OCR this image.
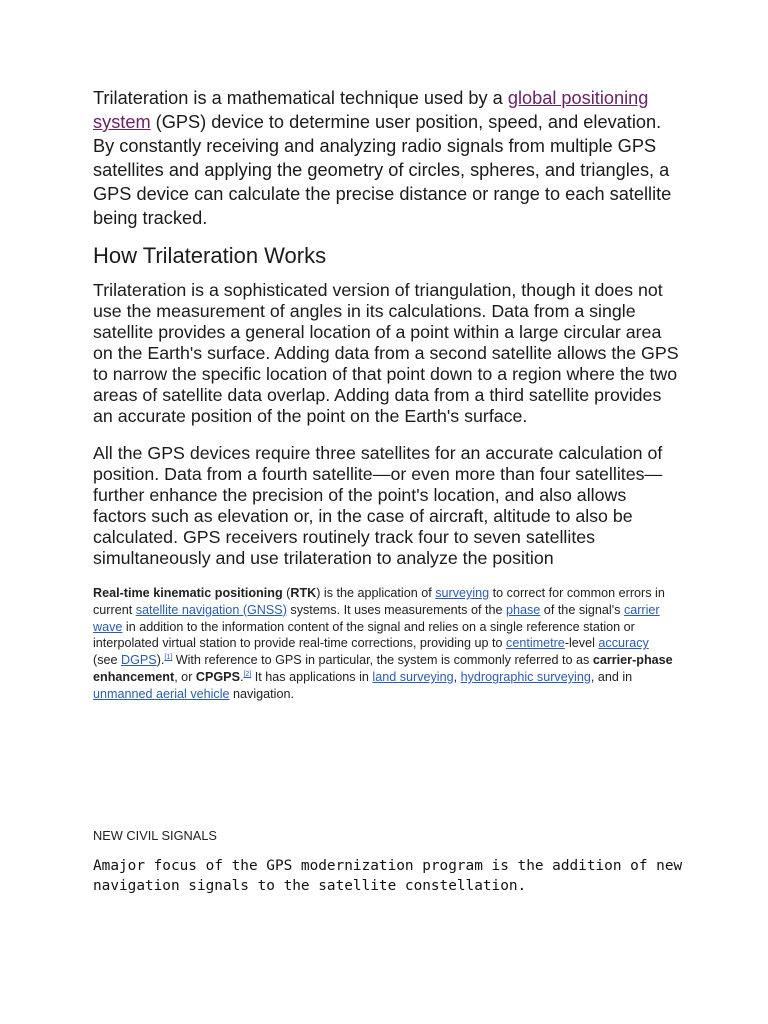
Trilateration is a mathematical technique used by a global positioning system (GPS) device to determine user position, speed, and elevation. By constantly receiving and analyzing radio signals from multiple GPS satellites and applying the geometry of circles, spheres, and triangles, a GPS device can calculate the precise distance or range to each satellite being tracked.

How Trilateration Works

Trilateration is a sophisticated version of triangulation, though it does not use the measurement of angles in its calculations. Data from a single satellite provides a general location of a point within a large circular area on the Earth's surface. Adding data from a second satellite allows the GPS to narrow the specific location of that point down to a region where the two areas of satellite data overlap. Adding data from a third satellite provides an accurate position of the point on the Earth's surface.

All the GPS devices require three satellites for an accurate calculation of position. Data from a fourth satellite—or even more than four satellites—further enhance the precision of the point's location, and also allows factors such as elevation or, in the case of aircraft, altitude to also be calculated. GPS receivers routinely track four to seven satellites simultaneously and use trilateration to analyze the position

Real-time kinematic positioning (RTK) is the application of surveying to correct for common errors in current satellite navigation (GNSS) systems. It uses measurements of the phase of the signal's carrier wave in addition to the information content of the signal and relies on a single reference station or interpolated virtual station to provide real-time corrections, providing up to centimetre-level accuracy (see DGPS).[1] With reference to GPS in particular, the system is commonly referred to as carrier-phase enhancement, or CPGPS.[2] It has applications in land surveying, hydrographic surveying, and in unmanned aerial vehicle navigation.

NEW CIVIL SIGNALS

Amajor focus of the GPS modernization program is the addition of new navigation signals to the satellite constellation.
